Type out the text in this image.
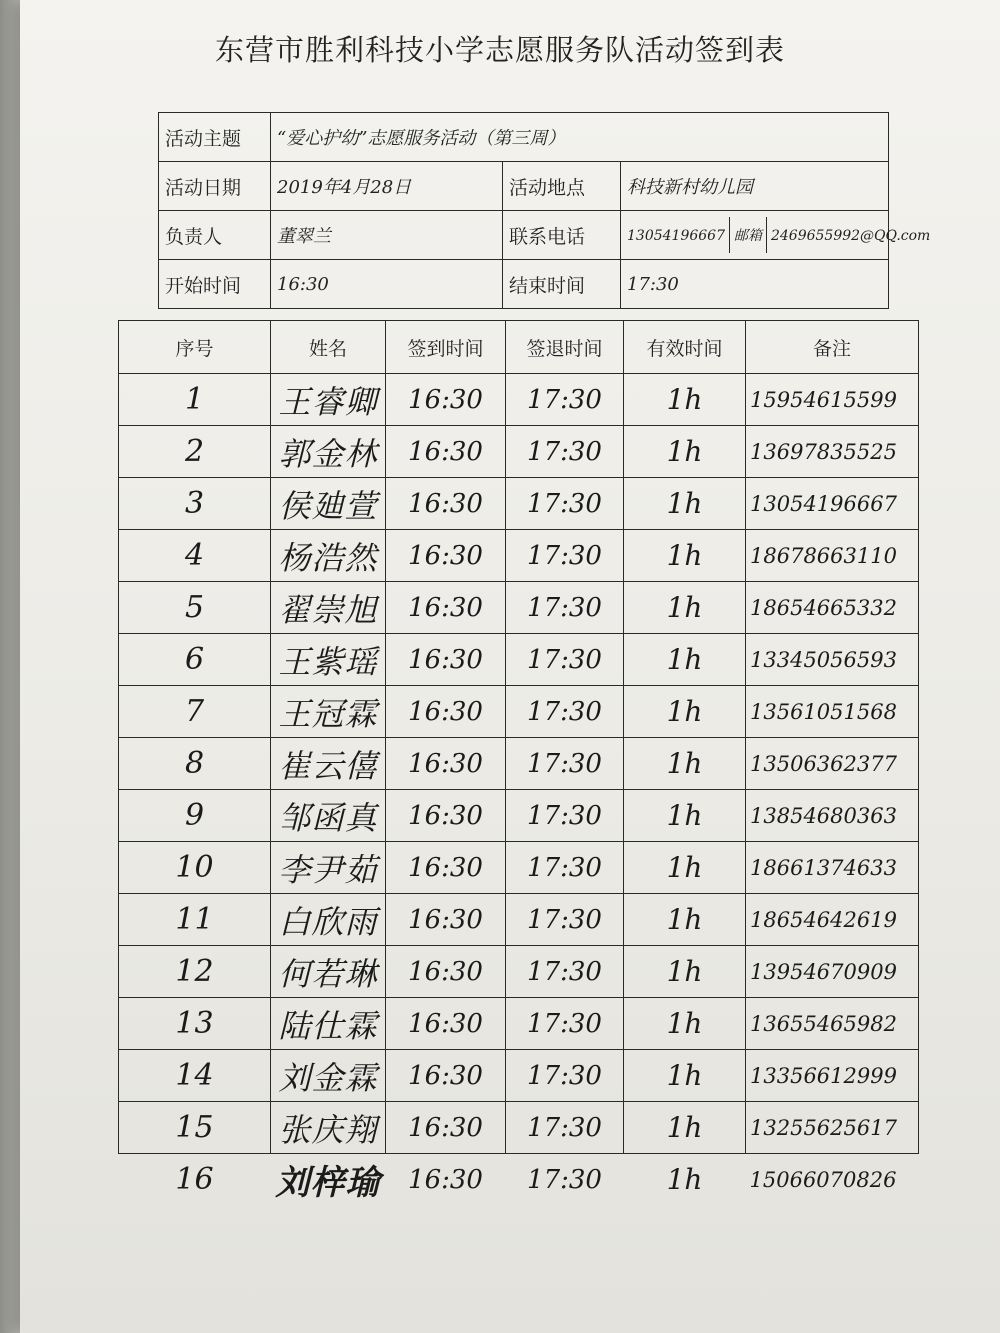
东营市胜利科技小学志愿服务队活动签到表
活动主题	“爱心护幼”志愿服务活动（第三周）		
活动日期	2019年4月28日	活动地点	科技新村幼儿园
负责人	董翠兰	联系电话	13054196667 邮箱 2469655992@QQ.com
开始时间	16:30	结束时间	17:30
序号	姓名	签到时间	签退时间	有效时间	备注
1	王睿卿	16:30	17:30	1h	15954615599
2	郭金林	16:30	17:30	1h	13697835525
3	侯廸萱	16:30	17:30	1h	13054196667
4	杨浩然	16:30	17:30	1h	18678663110
5	翟崇旭	16:30	17:30	1h	18654665332
6	王紫瑶	16:30	17:30	1h	13345056593
7	王冠霖	16:30	17:30	1h	13561051568
8	崔云僖	16:30	17:30	1h	13506362377
9	邹函真	16:30	17:30	1h	13854680363
10	李尹茹	16:30	17:30	1h	18661374633
11	白欣雨	16:30	17:30	1h	18654642619
12	何若琳	16:30	17:30	1h	13954670909
13	陆仕霖	16:30	17:30	1h	13655465982
14	刘金霖	16:30	17:30	1h	13356612999
15	张庆翔	16:30	17:30	1h	13255625617
16	刘梓瑜	16:30	17:30	1h	15066070826
